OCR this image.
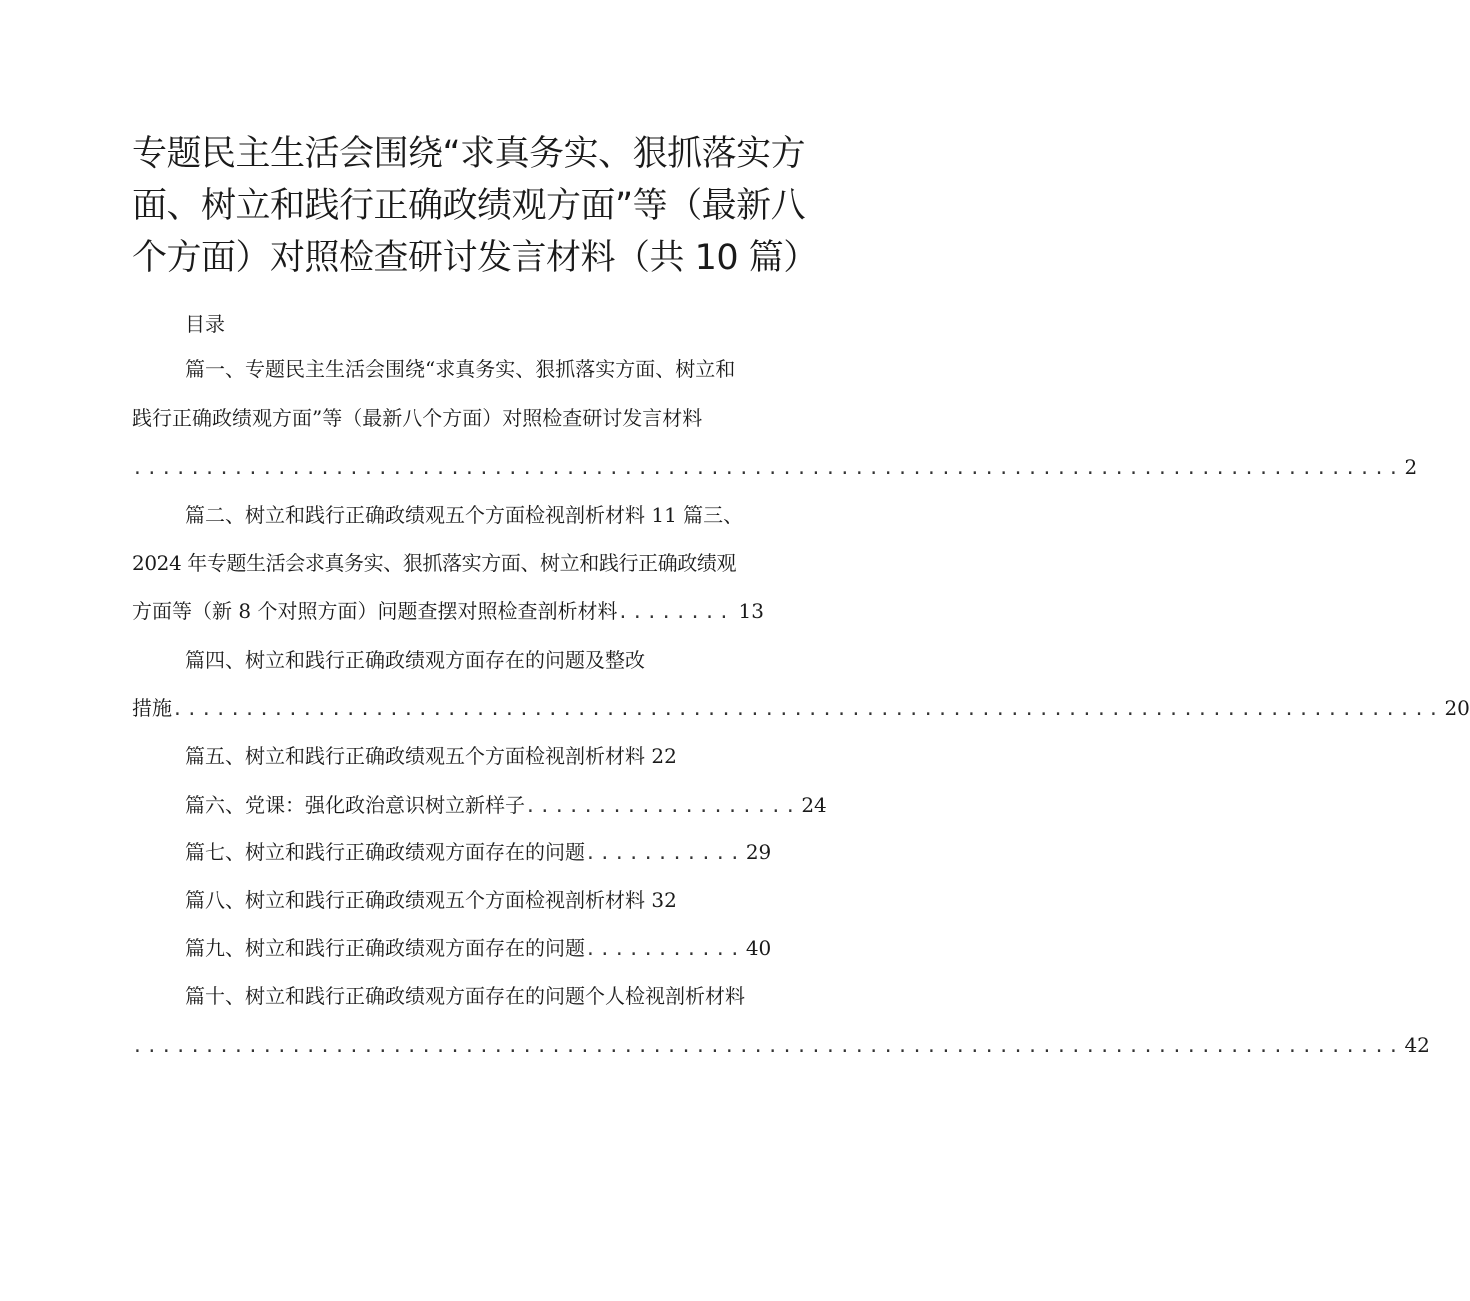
专题民主生活会围绕“求真务实、狠抓落实方
面、树立和践行正确政绩观方面”等（最新八
个方面）对照检查研讨发言材料（共 10 篇）
目录
篇一、专题民主生活会围绕“求真务实、狠抓落实方面、树立和
践行正确政绩观方面”等（最新八个方面）对照检查研讨发言材料
........................................................................................ 2
篇二、树立和践行正确政绩观五个方面检视剖析材料 11 篇三、
2024 年专题生活会求真务实、狠抓落实方面、树立和践行正确政绩观
方面等（新 8 个对照方面）问题查摆对照检查剖析材料 ........ 13
篇四、树立和践行正确政绩观方面存在的问题及整改
措施 ........................................................................................ 20
篇五、树立和践行正确政绩观五个方面检视剖析材料 22
篇六、党课：强化政治意识树立新样子 ................... 24
篇七、树立和践行正确政绩观方面存在的问题 ........... 29
篇八、树立和践行正确政绩观五个方面检视剖析材料 32
篇九、树立和践行正确政绩观方面存在的问题 ........... 40
篇十、树立和践行正确政绩观方面存在的问题个人检视剖析材料
........................................................................................ 42
